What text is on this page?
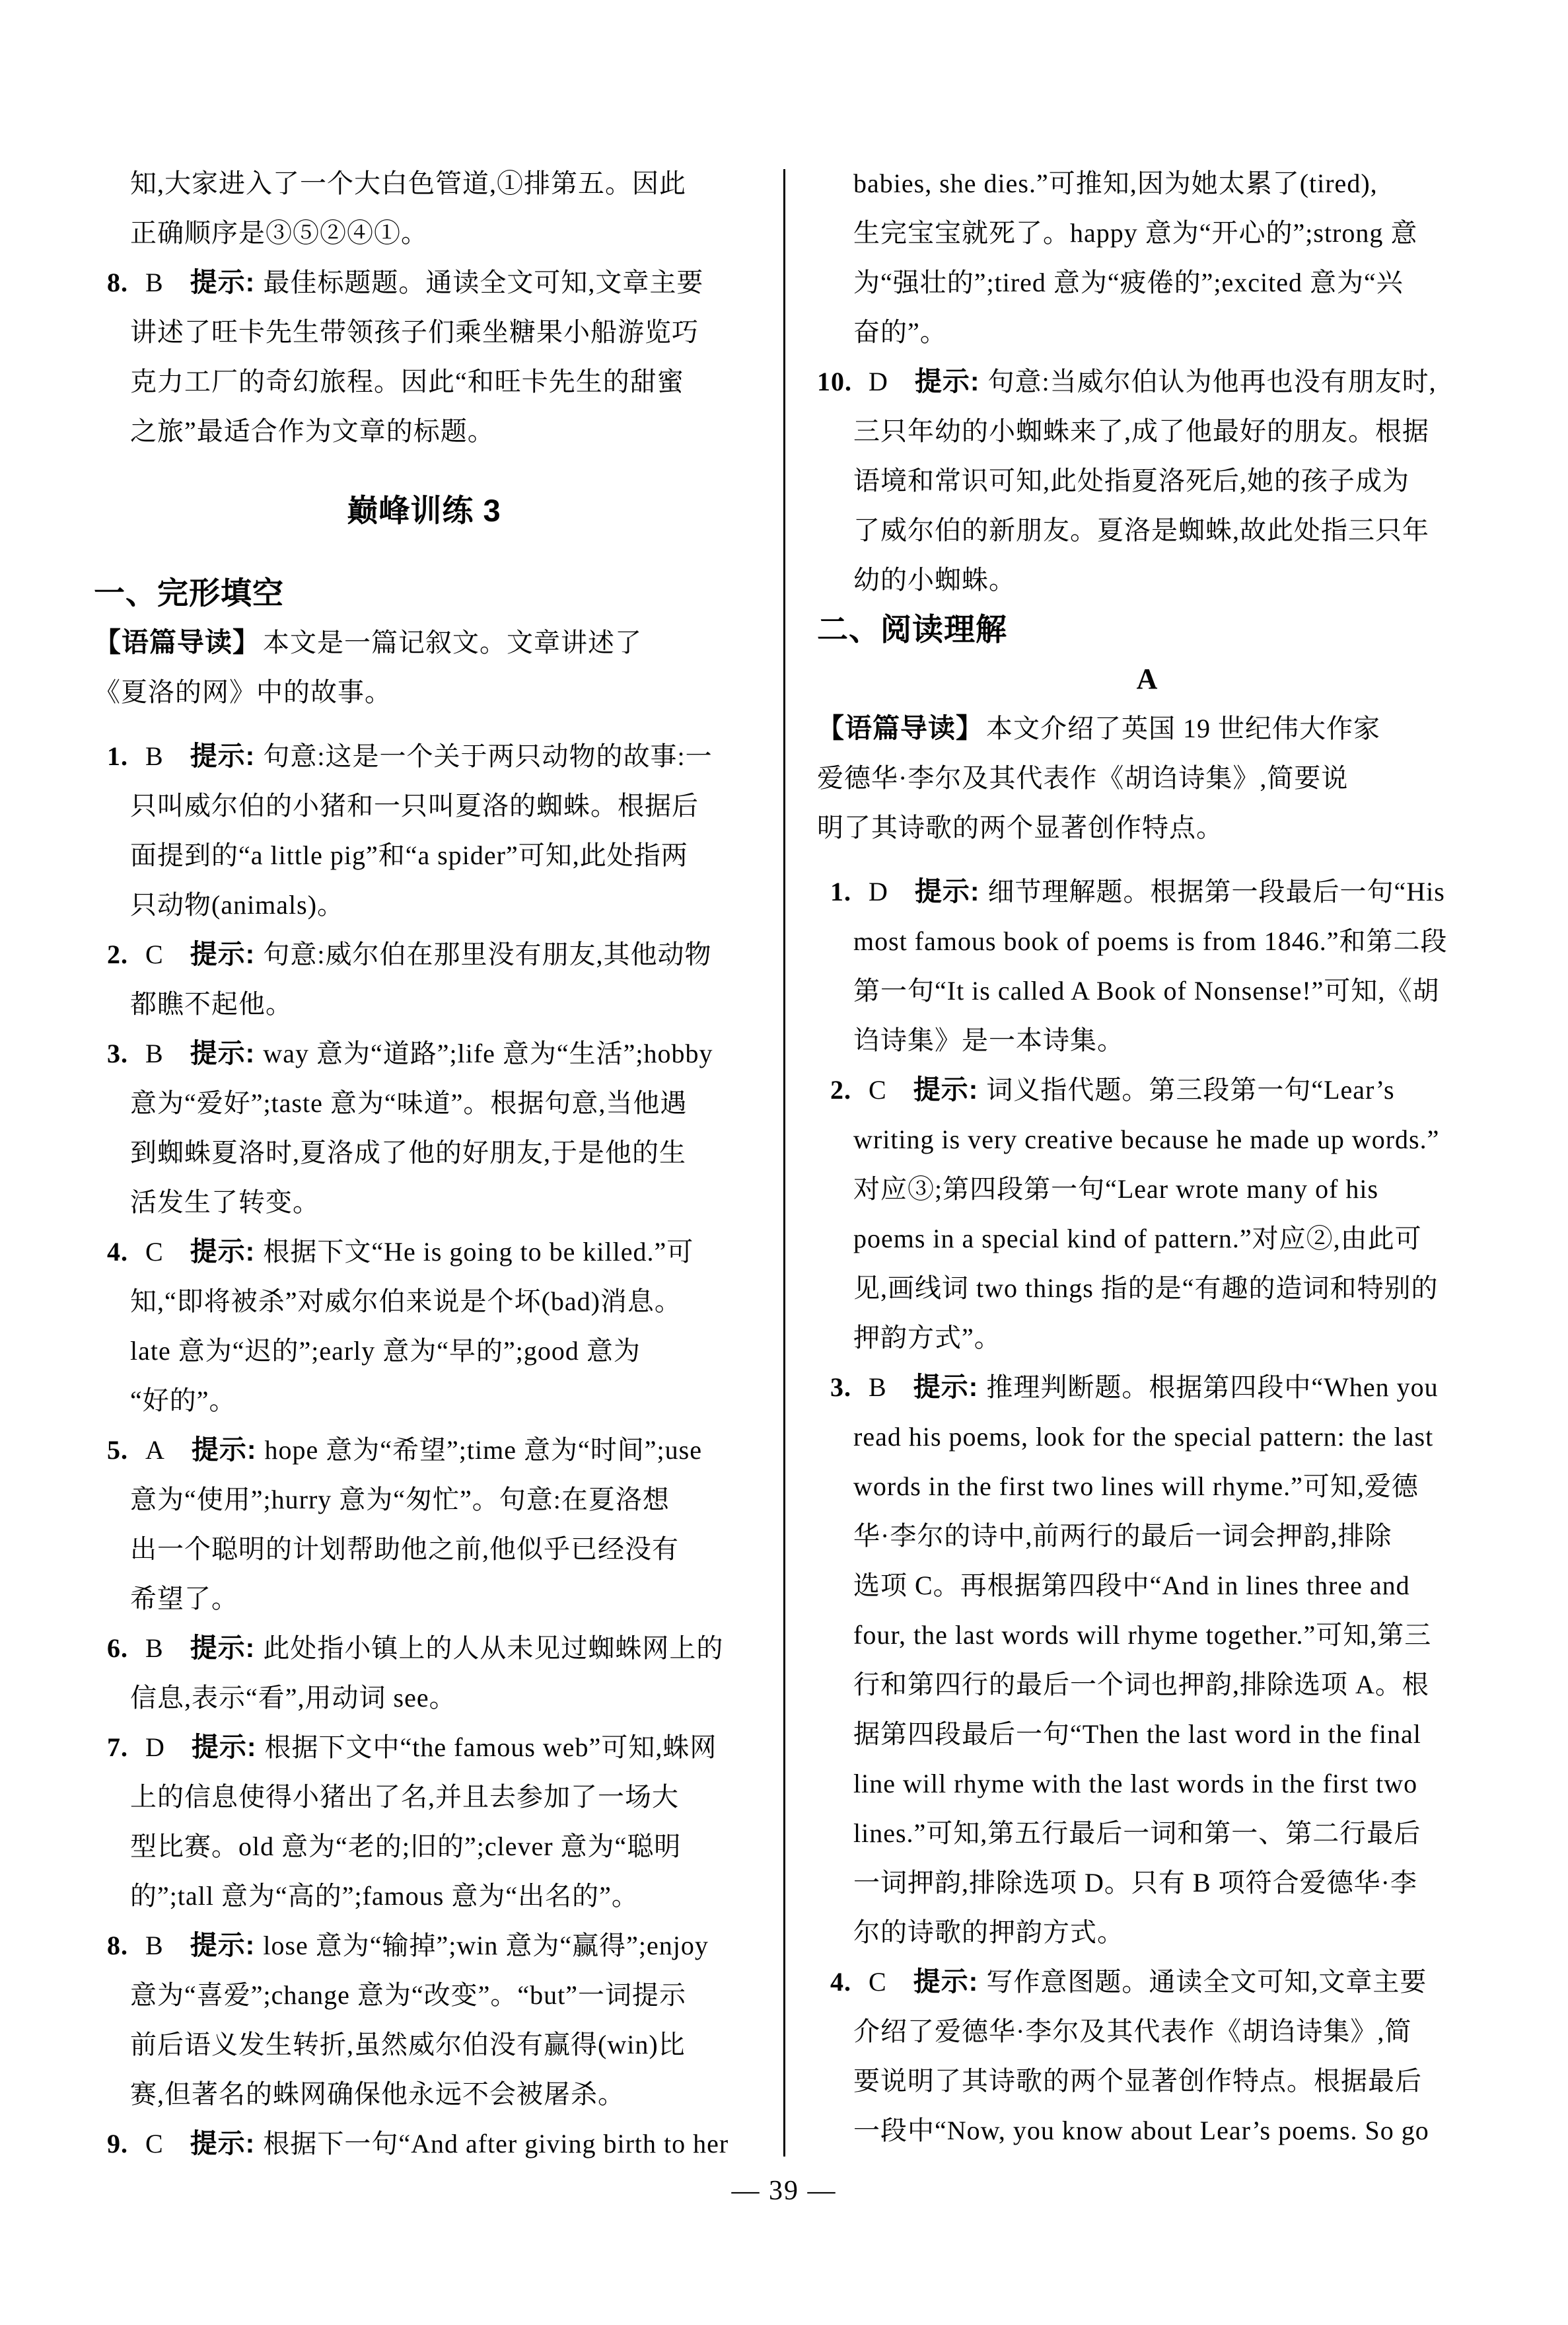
知,大家进入了一个大白色管道,①排第五。因此
正确顺序是③⑤②④①。
8. B 提示: 最佳标题题。通读全文可知,文章主要
讲述了旺卡先生带领孩子们乘坐糖果小船游览巧
克力工厂的奇幻旅程。因此“和旺卡先生的甜蜜
之旅”最适合作为文章的标题。
巅峰训练 3
一、完形填空
【语篇导读】 本文是一篇记叙文。文章讲述了
《夏洛的网》中的故事。
1. B 提示: 句意:这是一个关于两只动物的故事:一
只叫威尔伯的小猪和一只叫夏洛的蜘蛛。根据后
面提到的“a little pig”和“a spider”可知,此处指两
只动物(animals)。
2. C 提示: 句意:威尔伯在那里没有朋友,其他动物
都瞧不起他。
3. B 提示: way 意为“道路”;life 意为“生活”;hobby
意为“爱好”;taste 意为“味道”。根据句意,当他遇
到蜘蛛夏洛时,夏洛成了他的好朋友,于是他的生
活发生了转变。
4. C 提示: 根据下文“He is going to be killed.”可
知,“即将被杀”对威尔伯来说是个坏(bad)消息。
late 意为“迟的”;early 意为“早的”;good 意为
“好的”。
5. A 提示: hope 意为“希望”;time 意为“时间”;use
意为“使用”;hurry 意为“匆忙”。句意:在夏洛想
出一个聪明的计划帮助他之前,他似乎已经没有
希望了。
6. B 提示: 此处指小镇上的人从未见过蜘蛛网上的
信息,表示“看”,用动词 see。
7. D 提示: 根据下文中“the famous web”可知,蛛网
上的信息使得小猪出了名,并且去参加了一场大
型比赛。old 意为“老的;旧的”;clever 意为“聪明
的”;tall 意为“高的”;famous 意为“出名的”。
8. B 提示: lose 意为“输掉”;win 意为“赢得”;enjoy
意为“喜爱”;change 意为“改变”。“but”一词提示
前后语义发生转折,虽然威尔伯没有赢得(win)比
赛,但著名的蛛网确保他永远不会被屠杀。
9. C 提示: 根据下一句“And after giving birth to her
babies, she dies.”可推知,因为她太累了(tired),
生完宝宝就死了。happy 意为“开心的”;strong 意
为“强壮的”;tired 意为“疲倦的”;excited 意为“兴
奋的”。
10. D 提示: 句意:当威尔伯认为他再也没有朋友时,
三只年幼的小蜘蛛来了,成了他最好的朋友。根据
语境和常识可知,此处指夏洛死后,她的孩子成为
了威尔伯的新朋友。夏洛是蜘蛛,故此处指三只年
幼的小蜘蛛。
二、阅读理解
A
【语篇导读】 本文介绍了英国 19 世纪伟大作家
爱德华·李尔及其代表作《胡诌诗集》,简要说
明了其诗歌的两个显著创作特点。
1. D 提示: 细节理解题。根据第一段最后一句“His
most famous book of poems is from 1846.”和第二段
第一句“It is called A Book of Nonsense!”可知,《胡
诌诗集》是一本诗集。
2. C 提示: 词义指代题。第三段第一句“Lear’s
writing is very creative because he made up words.”
对应③;第四段第一句“Lear wrote many of his
poems in a special kind of pattern.”对应②,由此可
见,画线词 two things 指的是“有趣的造词和特别的
押韵方式”。
3. B 提示: 推理判断题。根据第四段中“When you
read his poems, look for the special pattern: the last
words in the first two lines will rhyme.”可知,爱德
华·李尔的诗中,前两行的最后一词会押韵,排除
选项 C。再根据第四段中“And in lines three and
four, the last words will rhyme together.”可知,第三
行和第四行的最后一个词也押韵,排除选项 A。根
据第四段最后一句“Then the last word in the final
line will rhyme with the last words in the first two
lines.”可知,第五行最后一词和第一、第二行最后
一词押韵,排除选项 D。只有 B 项符合爱德华·李
尔的诗歌的押韵方式。
4. C 提示: 写作意图题。通读全文可知,文章主要
介绍了爱德华·李尔及其代表作《胡诌诗集》,简
要说明了其诗歌的两个显著创作特点。根据最后
一段中“Now, you know about Lear’s poems. So go
— 39 —
